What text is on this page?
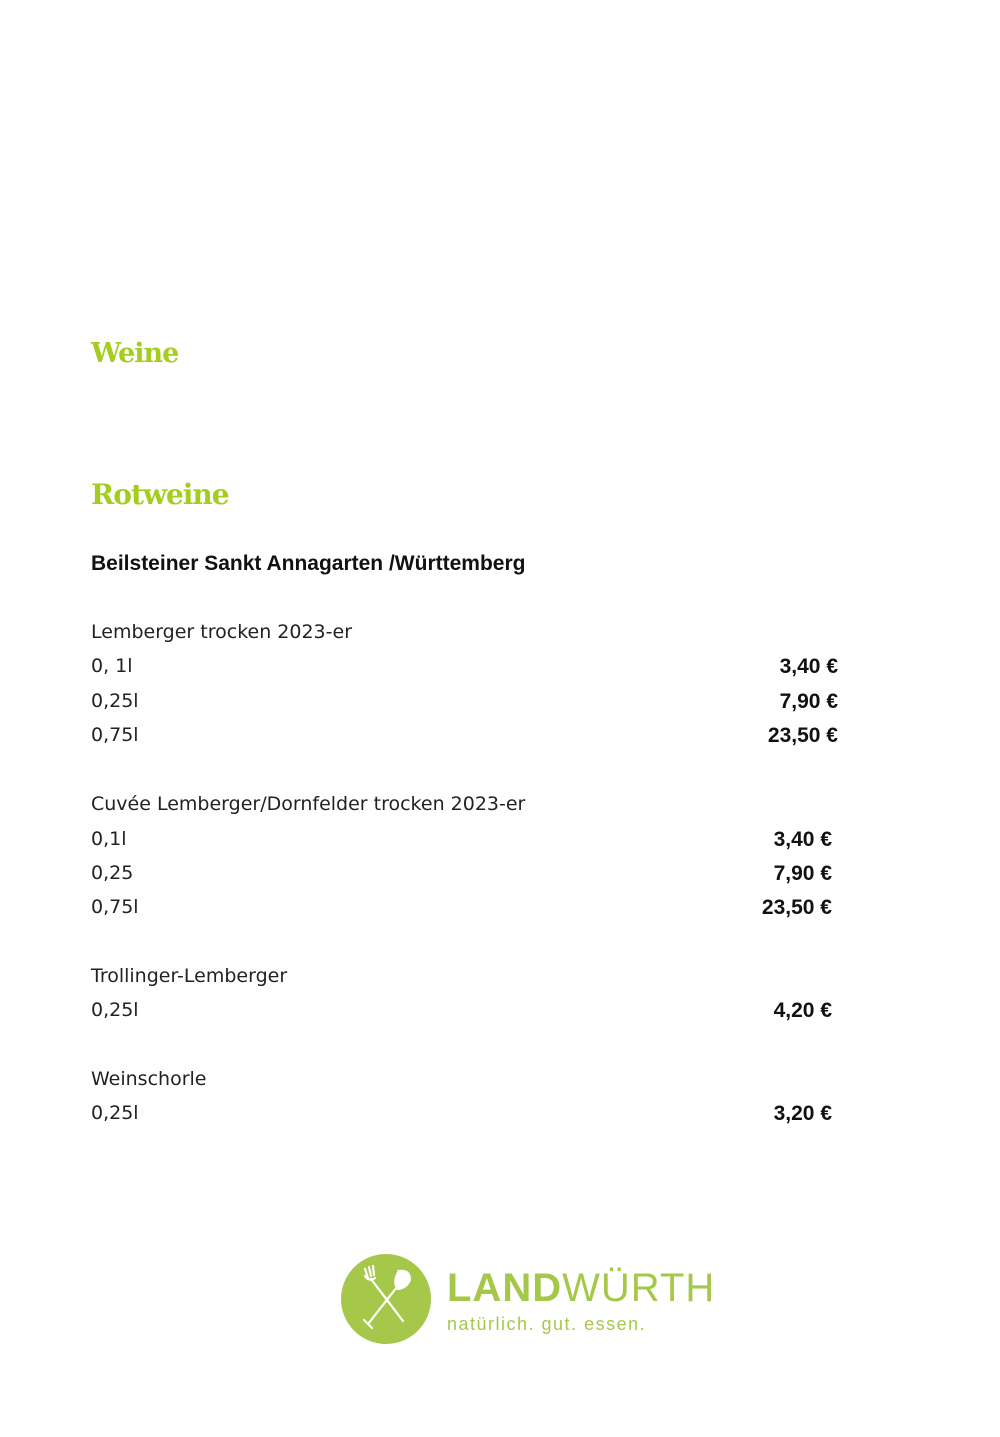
Weine
Rotweine
Beilsteiner Sankt Annagarten /Württemberg
Lemberger trocken 2023-er
0, 1l	3,40 €
0,25l	7,90 €
0,75l	23,50 €
Cuvée Lemberger/Dornfelder trocken 2023-er
0,1l	3,40 €
0,25	7,90 €
0,75l	23,50 €
Trollinger-Lemberger
0,25l	4,20 €
Weinschorle
0,25l	3,20 €
LANDWÜRTH
natürlich. gut. essen.
